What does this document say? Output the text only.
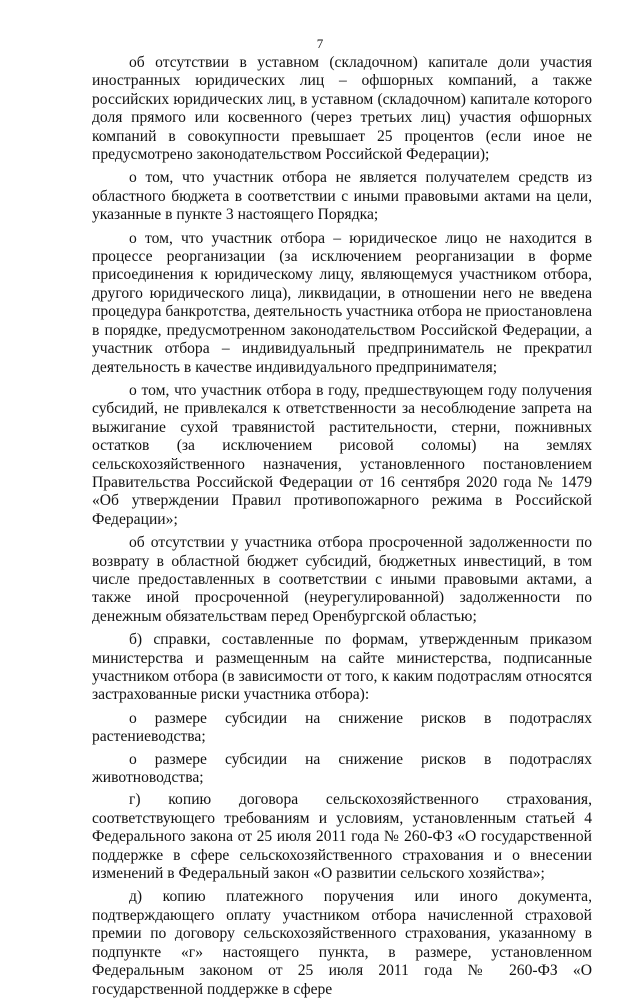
7

об отсутствии в уставном (складочном) капитале доли участия иностранных юридических лиц – офшорных компаний, а также российских юридических лиц, в уставном (складочном) капитале которого доля прямого или косвенного (через третьих лиц) участия офшорных компаний в совокупности превышает 25 процентов (если иное не предусмотрено законодательством Российской Федерации);

о том, что участник отбора не является получателем средств из областного бюджета в соответствии с иными правовыми актами на цели, указанные в пункте 3 настоящего Порядка;

о том, что участник отбора – юридическое лицо не находится в процессе реорганизации (за исключением реорганизации в форме присоединения к юридическому лицу, являющемуся участником отбора, другого юридического лица), ликвидации, в отношении него не введена процедура банкротства, деятельность участника отбора не приостановлена в порядке, предусмотренном законодательством Российской Федерации, а участник отбора – индивидуальный предприниматель не прекратил деятельность в качестве индивидуального предпринимателя;

о том, что участник отбора в году, предшествующем году получения субсидий, не привлекался к ответственности за несоблюдение запрета на выжигание сухой травянистой растительности, стерни, пожнивных остатков (за исключением рисовой соломы) на землях сельскохозяйственного назначения, установленного постановлением Правительства Российской Федерации от 16 сентября 2020 года № 1479 «Об утверждении Правил противопожарного режима в Российской Федерации»;

об отсутствии у участника отбора просроченной задолженности по возврату в областной бюджет субсидий, бюджетных инвестиций, в том числе предоставленных в соответствии с иными правовыми актами, а также иной просроченной (неурегулированной) задолженности по денежным обязательствам перед Оренбургской областью;

б) справки, составленные по формам, утвержденным приказом министерства и размещенным на сайте министерства, подписанные участником отбора (в зависимости от того, к каким подотраслям относятся застрахованные риски участника отбора):

о размере субсидии на снижение рисков в подотраслях растениеводства;

о размере субсидии на снижение рисков в подотраслях животноводства;

г) копию договора сельскохозяйственного страхования, соответствующего требованиям и условиям, установленным статьей 4 Федерального закона от 25 июля 2011 года № 260-ФЗ «О государственной поддержке в сфере сельскохозяйственного страхования и о внесении изменений в Федеральный закон «О развитии сельского хозяйства»;

д) копию платежного поручения или иного документа, подтверждающего оплату участником отбора начисленной страховой премии по договору сельскохозяйственного страхования, указанному в подпункте «г» настоящего пункта, в размере, установленном Федеральным законом от 25 июля 2011 года № 260-ФЗ «О государственной поддержке в сфере
